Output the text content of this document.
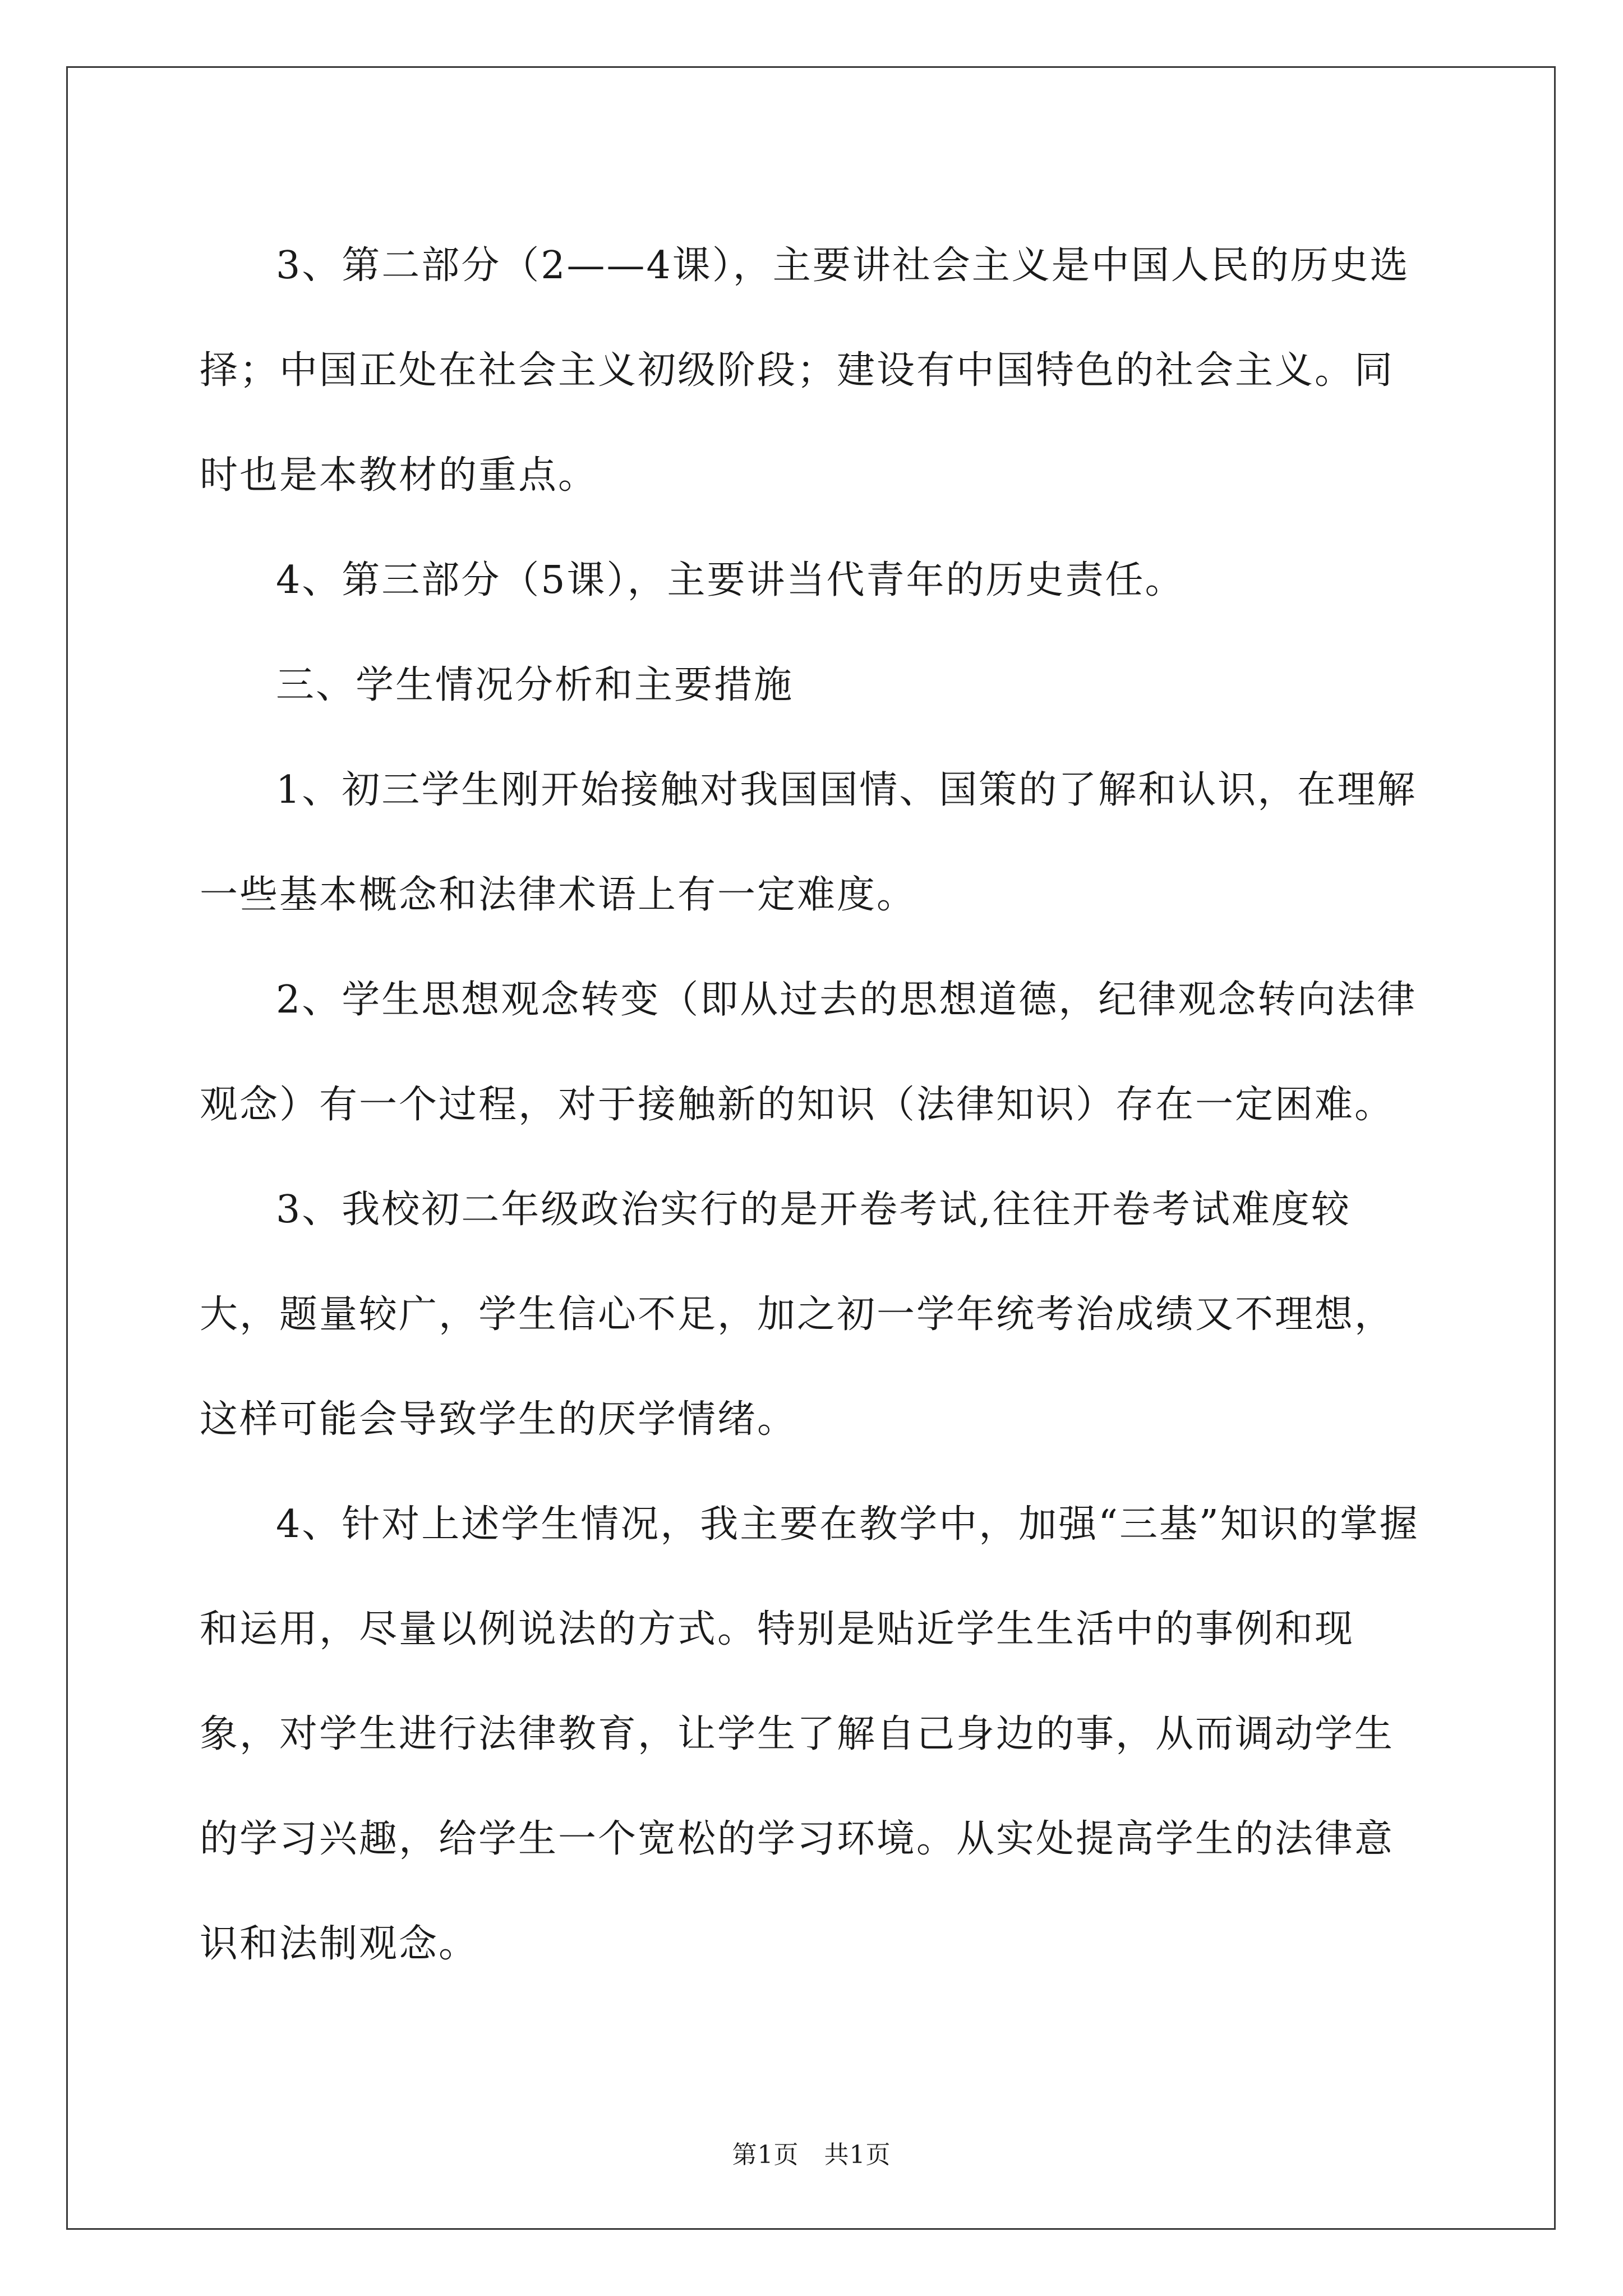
3、第二部分（2——4课），主要讲社会主义是中国人民的历史选择；中国正处在社会主义初级阶段；建设有中国特色的社会主义。同时也是本教材的重点。

4、第三部分（5课），主要讲当代青年的历史责任。

三、学生情况分析和主要措施

1、初三学生刚开始接触对我国国情、国策的了解和认识，在理解一些基本概念和法律术语上有一定难度。

2、学生思想观念转变（即从过去的思想道德，纪律观念转向法律观念）有一个过程，对于接触新的知识（法律知识）存在一定困难。

3、我校初二年级政治实行的是开卷考试,往往开卷考试难度较大，题量较广，学生信心不足，加之初一学年统考治成绩又不理想，这样可能会导致学生的厌学情绪。

4、针对上述学生情况，我主要在教学中，加强“三基”知识的掌握和运用，尽量以例说法的方式。特别是贴近学生生活中的事例和现象，对学生进行法律教育，让学生了解自己身边的事，从而调动学生的学习兴趣，给学生一个宽松的学习环境。从实处提高学生的法律意识和法制观念。

第1页 共1页
